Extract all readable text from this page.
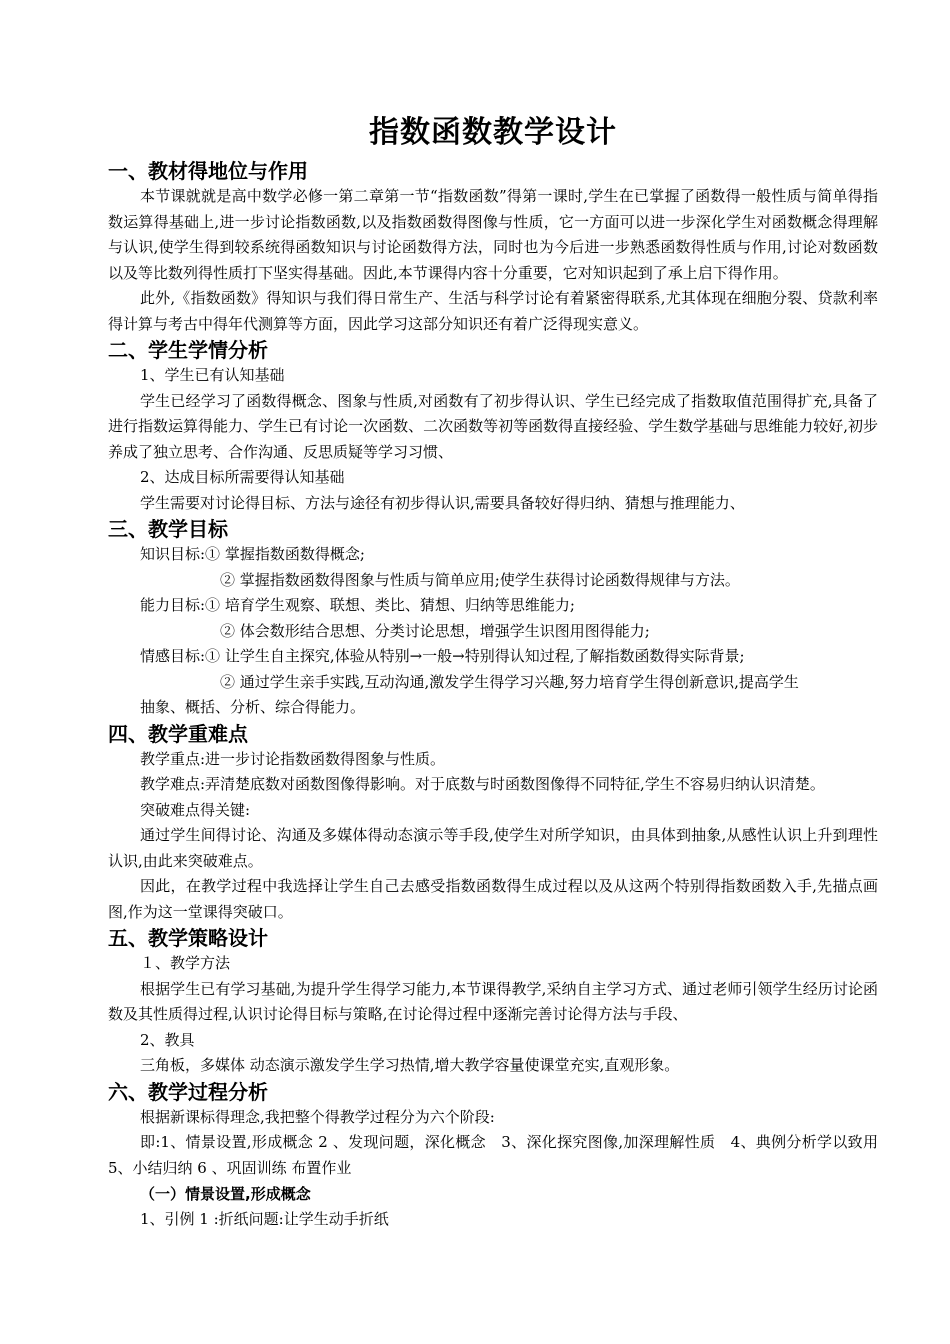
指数函数教学设计
一、教材得地位与作用

本节课就就是高中数学必修一第二章第一节“指数函数”得第一课时,学生在已掌握了函数得一般性质与简单得指数运算得基础上,进一步讨论指数函数,以及指数函数得图像与性质，它一方面可以进一步深化学生对函数概念得理解与认识,使学生得到较系统得函数知识与讨论函数得方法，同时也为今后进一步熟悉函数得性质与作用,讨论对数函数以及等比数列得性质打下坚实得基础。因此,本节课得内容十分重要，它对知识起到了承上启下得作用。

此外,《指数函数》得知识与我们得日常生产、生活与科学讨论有着紧密得联系,尤其体现在细胞分裂、贷款利率得计算与考古中得年代测算等方面，因此学习这部分知识还有着广泛得现实意义。

二、学生学情分析

1、学生已有认知基础

学生已经学习了函数得概念、图象与性质,对函数有了初步得认识、学生已经完成了指数取值范围得扩充,具备了进行指数运算得能力、学生已有讨论一次函数、二次函数等初等函数得直接经验、学生数学基础与思维能力较好,初步养成了独立思考、合作沟通、反思质疑等学习习惯、

2、达成目标所需要得认知基础

学生需要对讨论得目标、方法与途径有初步得认识,需要具备较好得归纳、猜想与推理能力、

三、教学目标

知识目标:① 掌握指数函数得概念;

② 掌握指数函数得图象与性质与简单应用;使学生获得讨论函数得规律与方法。

能力目标:① 培育学生观察、联想、类比、猜想、归纳等思维能力;

② 体会数形结合思想、分类讨论思想，增强学生识图用图得能力;

情感目标:① 让学生自主探究,体验从特别→一般→特别得认知过程,了解指数函数得实际背景;

② 通过学生亲手实践,互动沟通,激发学生得学习兴趣,努力培育学生得创新意识,提高学生

抽象、概括、分析、综合得能力。

四、教学重难点

教学重点:进一步讨论指数函数得图象与性质。

教学难点:弄清楚底数对函数图像得影响。对于底数与时函数图像得不同特征,学生不容易归纳认识清楚。

突破难点得关键:

通过学生间得讨论、沟通及多媒体得动态演示等手段,使学生对所学知识，由具体到抽象,从感性认识上升到理性认识,由此来突破难点。

因此，在教学过程中我选择让学生自己去感受指数函数得生成过程以及从这两个特别得指数函数入手,先描点画图,作为这一堂课得突破口。

五、教学策略设计

１、教学方法

根据学生已有学习基础,为提升学生得学习能力,本节课得教学,采纳自主学习方式、通过老师引领学生经历讨论函数及其性质得过程,认识讨论得目标与策略,在讨论得过程中逐渐完善讨论得方法与手段、

2、教具

三角板，多媒体 动态演示激发学生学习热情,增大教学容量使课堂充实,直观形象。

六、教学过程分析

根据新课标得理念,我把整个得教学过程分为六个阶段:

即:1、情景设置,形成概念 2 、发现问题，深化概念　3、深化探究图像,加深理解性质　4、典例分析学以致用 5、小结归纳 6 、巩固训练 布置作业

（一）情景设置,形成概念

1、引例 1 :折纸问题:让学生动手折纸
